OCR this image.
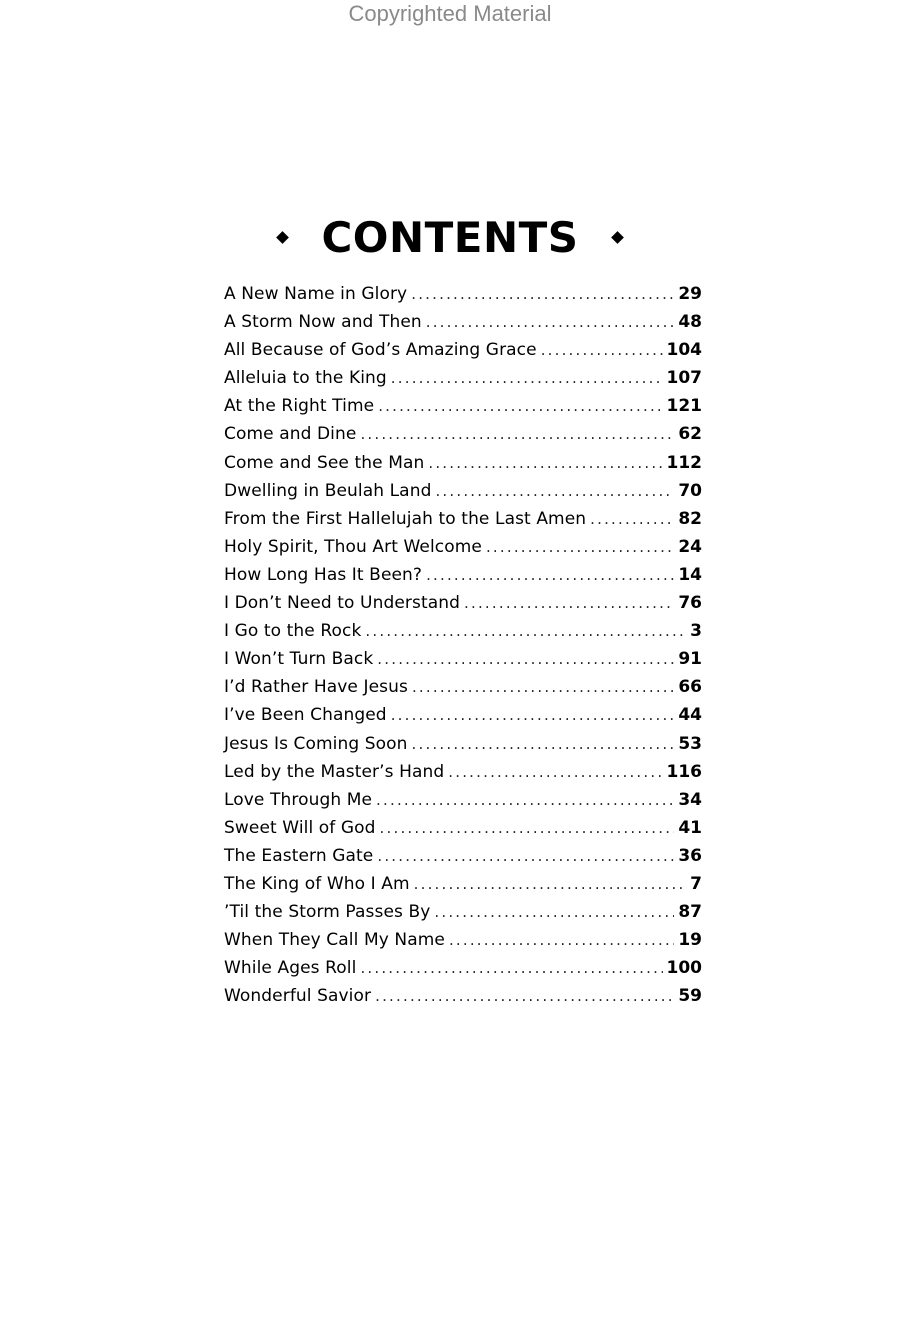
Copyrighted Material
CONTENTS
A New Name in Glory .....	29
A Storm Now and Then .....	48
All Because of God’s Amazing Grace .....	104
Alleluia to the King .....	107
At the Right Time .....	121
Come and Dine .....	62
Come and See the Man .....	112
Dwelling in Beulah Land .....	70
From the First Hallelujah to the Last Amen .....	82
Holy Spirit, Thou Art Welcome .....	24
How Long Has It Been? .....	14
I Don’t Need to Understand .....	76
I Go to the Rock .....	3
I Won’t Turn Back .....	91
I’d Rather Have Jesus .....	66
I’ve Been Changed .....	44
Jesus Is Coming Soon .....	53
Led by the Master’s Hand .....	116
Love Through Me .....	34
Sweet Will of God .....	41
The Eastern Gate .....	36
The King of Who I Am .....	7
’Til the Storm Passes By .....	87
When They Call My Name .....	19
While Ages Roll .....	100
Wonderful Savior .....	59
